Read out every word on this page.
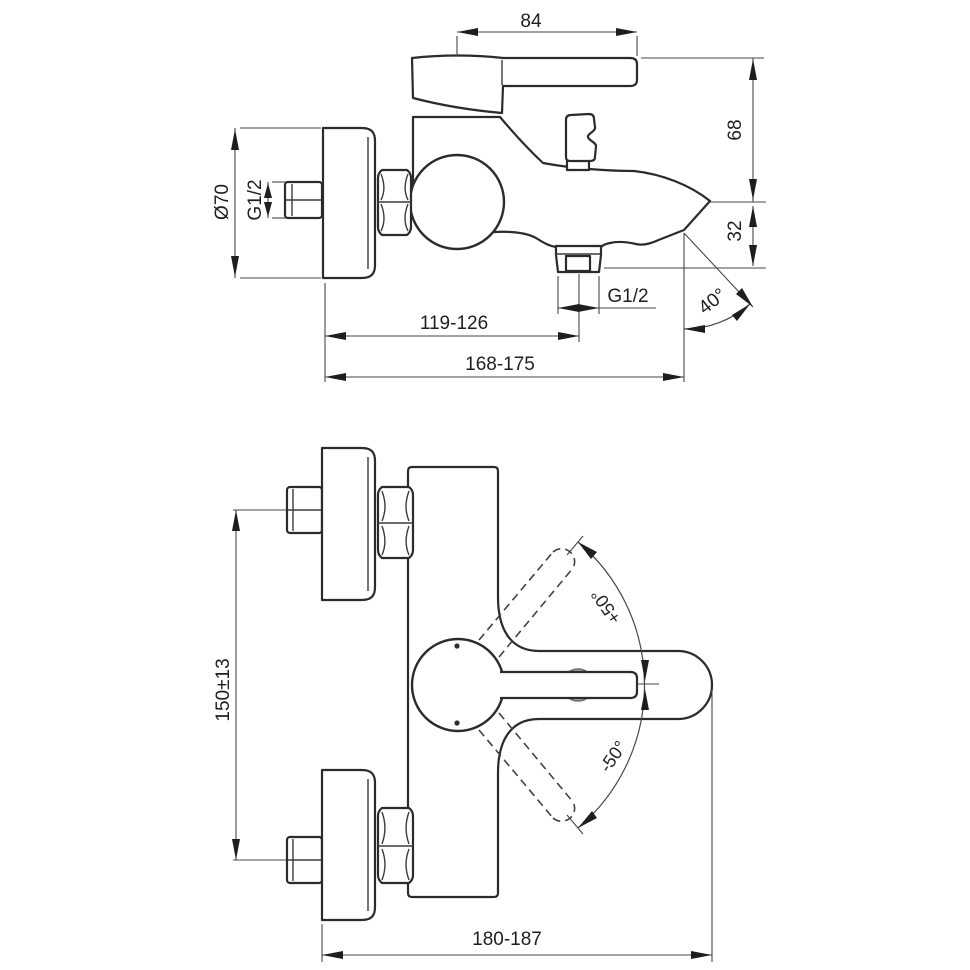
84
68
32
Ø70 G1/2
G1/2
119-126
168-175
40°
+50°
-50°
150±13
180-187
